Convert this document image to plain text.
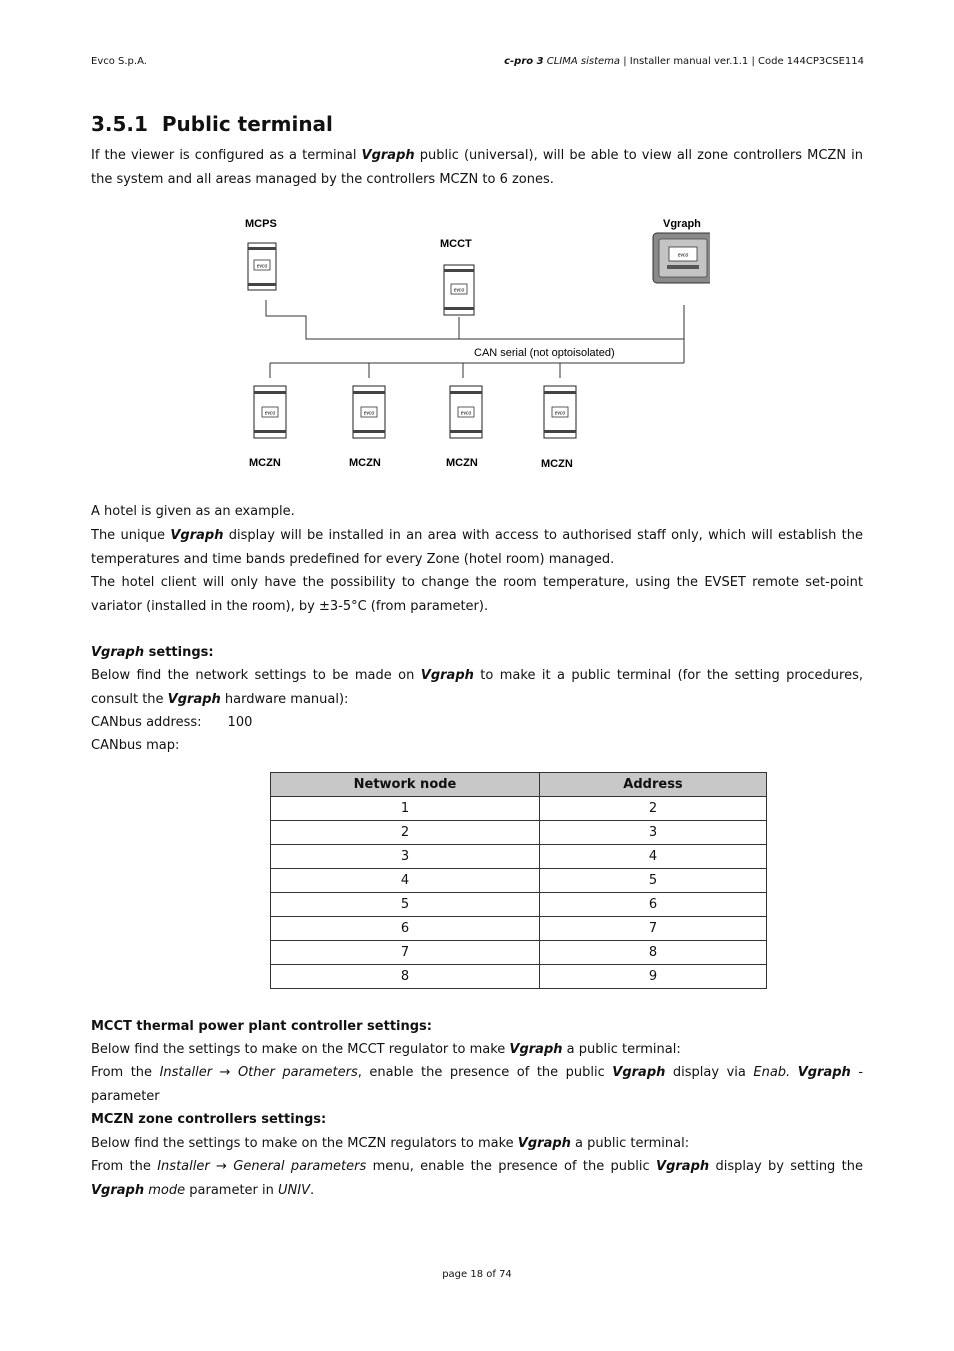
Evco S.p.A.	c-pro 3 CLIMA sistema | Installer manual ver.1.1 | Code 144CP3CSE114
3.5.1 Public terminal

If the viewer is configured as a terminal Vgraph public (universal), will be able to view all zone controllers MCZN in the system and all areas managed by the controllers MCZN to 6 zones.

MCPS
evco
MCCT
evco
Vgraph
evco
CAN serial (not optoisolated)
evco	evco	evco	evco
MCZN	MCZN	MCZN	MCZN

A hotel is given as an example.

The unique Vgraph display will be installed in an area with access to authorised staff only, which will establish the temperatures and time bands predefined for every Zone (hotel room) managed.

The hotel client will only have the possibility to change the room temperature, using the EVSET remote set-point variator (installed in the room), by ±3-5°C (from parameter).

Vgraph settings:

Below find the network settings to be made on Vgraph to make it a public terminal (for the setting procedures, consult the Vgraph hardware manual):

CANbus address: 100

CANbus map:

Network node	Address
1	2
2	3
3	4
4	5
5	6
6	7
7	8
8	9

MCCT thermal power plant controller settings:

Below find the settings to make on the MCCT regulator to make Vgraph a public terminal:

From the Installer → Other parameters, enable the presence of the public Vgraph display via Enab. Vgraph -parameter

MCZN zone controllers settings:

Below find the settings to make on the MCZN regulators to make Vgraph a public terminal:

From the Installer → General parameters menu, enable the presence of the public Vgraph display by setting the Vgraph mode parameter in UNIV.

page 18 of 74
